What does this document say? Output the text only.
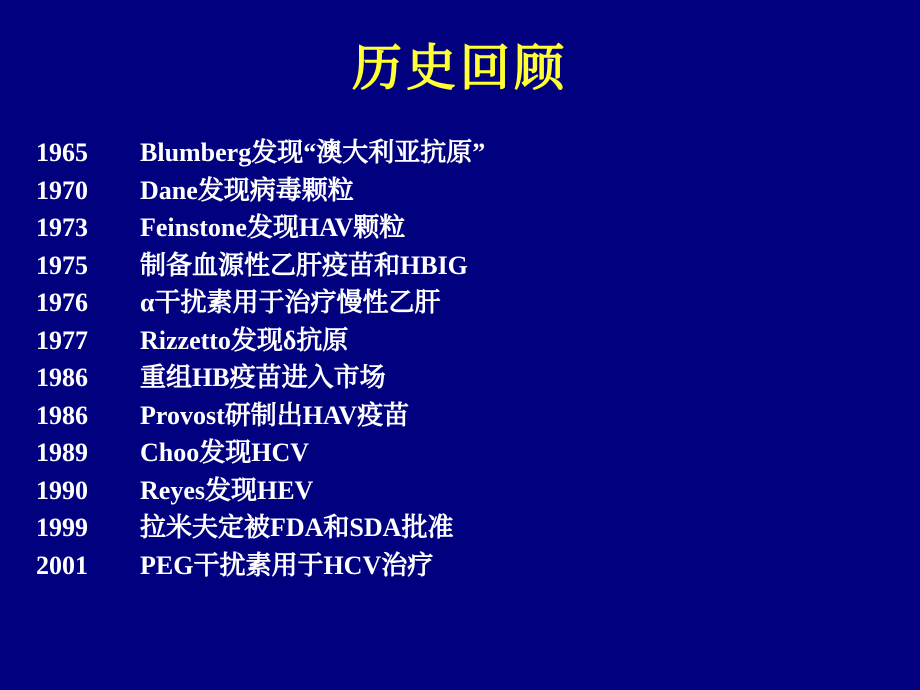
历史回顾
1965	Blumberg发现“澳大利亚抗原”
1970	Dane发现病毒颗粒
1973	Feinstone发现HAV颗粒
1975	制备血源性乙肝疫苗和HBIG
1976	α干扰素用于治疗慢性乙肝
1977	Rizzetto发现δ抗原
1986	重组HB疫苗进入市场
1986	Provost研制出HAV疫苗
1989	Choo发现HCV
1990	Reyes发现HEV
1999	拉米夫定被FDA和SDA批准
2001	PEG干扰素用于HCV治疗
